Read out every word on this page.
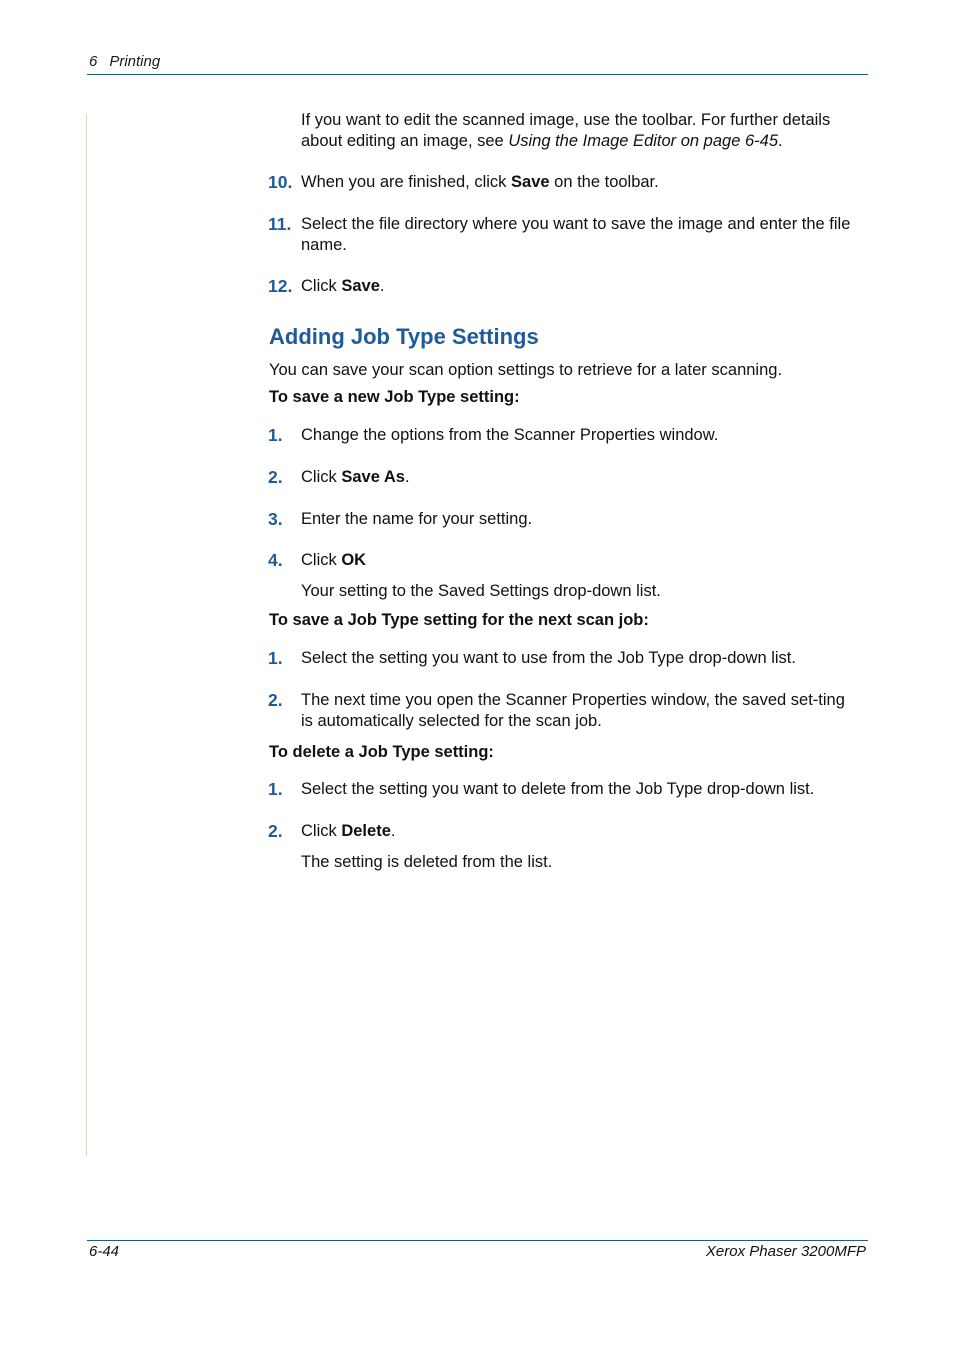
6 Printing
If you want to edit the scanned image, use the toolbar. For further details about editing an image, see Using the Image Editor on page 6-45.
10. When you are finished, click Save on the toolbar.
11. Select the file directory where you want to save the image and enter the file name.
12. Click Save.
Adding Job Type Settings
You can save your scan option settings to retrieve for a later scanning.
To save a new Job Type setting:
1. Change the options from the Scanner Properties window.
2. Click Save As.
3. Enter the name for your setting.
4. Click OK
Your setting to the Saved Settings drop-down list.
To save a Job Type setting for the next scan job:
1. Select the setting you want to use from the Job Type drop-down list.
2. The next time you open the Scanner Properties window, the saved set-ting is automatically selected for the scan job.
To delete a Job Type setting:
1. Select the setting you want to delete from the Job Type drop-down list.
2. Click Delete.
The setting is deleted from the list.
6-44	Xerox Phaser 3200MFP
